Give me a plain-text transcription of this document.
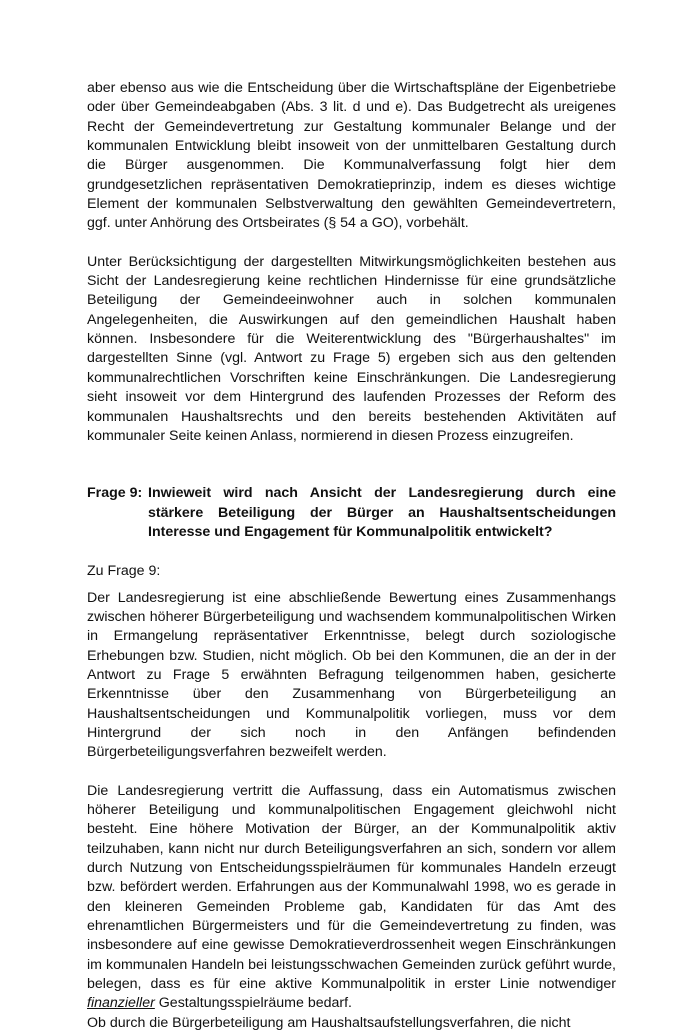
aber ebenso aus wie die Entscheidung über die Wirtschaftspläne der Eigenbetriebe oder über Gemeindeabgaben (Abs. 3 lit. d und e). Das Budgetrecht als ureigenes Recht der Gemeindevertretung zur Gestaltung kommunaler Belange und der kommunalen Entwicklung bleibt insoweit von der unmittelbaren Gestaltung durch die Bürger ausgenommen. Die Kommunalverfassung folgt hier dem grundgesetzlichen repräsentativen Demokratieprinzip, indem es dieses wichtige Element der kommunalen Selbstverwaltung den gewählten Gemeindevertretern, ggf. unter Anhörung des Ortsbeirates (§ 54 a GO), vorbehält.

Unter Berücksichtigung der dargestellten Mitwirkungsmöglichkeiten bestehen aus Sicht der Landesregierung keine rechtlichen Hindernisse für eine grundsätzliche Beteiligung der Gemeindeeinwohner auch in solchen kommunalen Angelegenheiten, die Auswirkungen auf den gemeindlichen Haushalt haben können. Insbesondere für die Weiterentwicklung des "Bürgerhaushaltes" im dargestellten Sinne (vgl. Antwort zu Frage 5) ergeben sich aus den geltenden kommunalrechtlichen Vorschriften keine Einschränkungen. Die Landesregierung sieht insoweit vor dem Hintergrund des laufenden Prozesses der Reform des kommunalen Haushaltsrechts und den bereits bestehenden Aktivitäten auf kommunaler Seite keinen Anlass, normierend in diesen Prozess einzugreifen.

Frage 9: Inwieweit wird nach Ansicht der Landesregierung durch eine stärkere Beteiligung der Bürger an Haushaltsentscheidungen Interesse und Engagement für Kommunalpolitik entwickelt?

Zu Frage 9:

Der Landesregierung ist eine abschließende Bewertung eines Zusammenhangs zwischen höherer Bürgerbeteiligung und wachsendem kommunalpolitischen Wirken in Ermangelung repräsentativer Erkenntnisse, belegt durch soziologische Erhebungen bzw. Studien, nicht möglich. Ob bei den Kommunen, die an der in der Antwort zu Frage 5 erwähnten Befragung teilgenommen haben, gesicherte Erkenntnisse über den Zusammenhang von Bürgerbeteiligung an Haushaltsentscheidungen und Kommunalpolitik vorliegen, muss vor dem Hintergrund der sich noch in den Anfängen befindenden Bürgerbeteiligungsverfahren bezweifelt werden.

Die Landesregierung vertritt die Auffassung, dass ein Automatismus zwischen höherer Beteiligung und kommunalpolitischen Engagement gleichwohl nicht besteht. Eine höhere Motivation der Bürger, an der Kommunalpolitik aktiv teilzuhaben, kann nicht nur durch Beteiligungsverfahren an sich, sondern vor allem durch Nutzung von Entscheidungsspielräumen für kommunales Handeln erzeugt bzw. befördert werden. Erfahrungen aus der Kommunalwahl 1998, wo es gerade in den kleineren Gemeinden Probleme gab, Kandidaten für das Amt des ehrenamtlichen Bürgermeisters und für die Gemeindevertretung zu finden, was insbesondere auf eine gewisse Demokratieverdrossenheit wegen Einschränkungen im kommunalen Handeln bei leistungsschwachen Gemeinden zurück geführt wurde, belegen, dass es für eine aktive Kommunalpolitik in erster Linie notwendiger finanzieller Gestaltungsspielräume bedarf.

Ob durch die Bürgerbeteiligung am Haushaltsaufstellungsverfahren, die nicht
